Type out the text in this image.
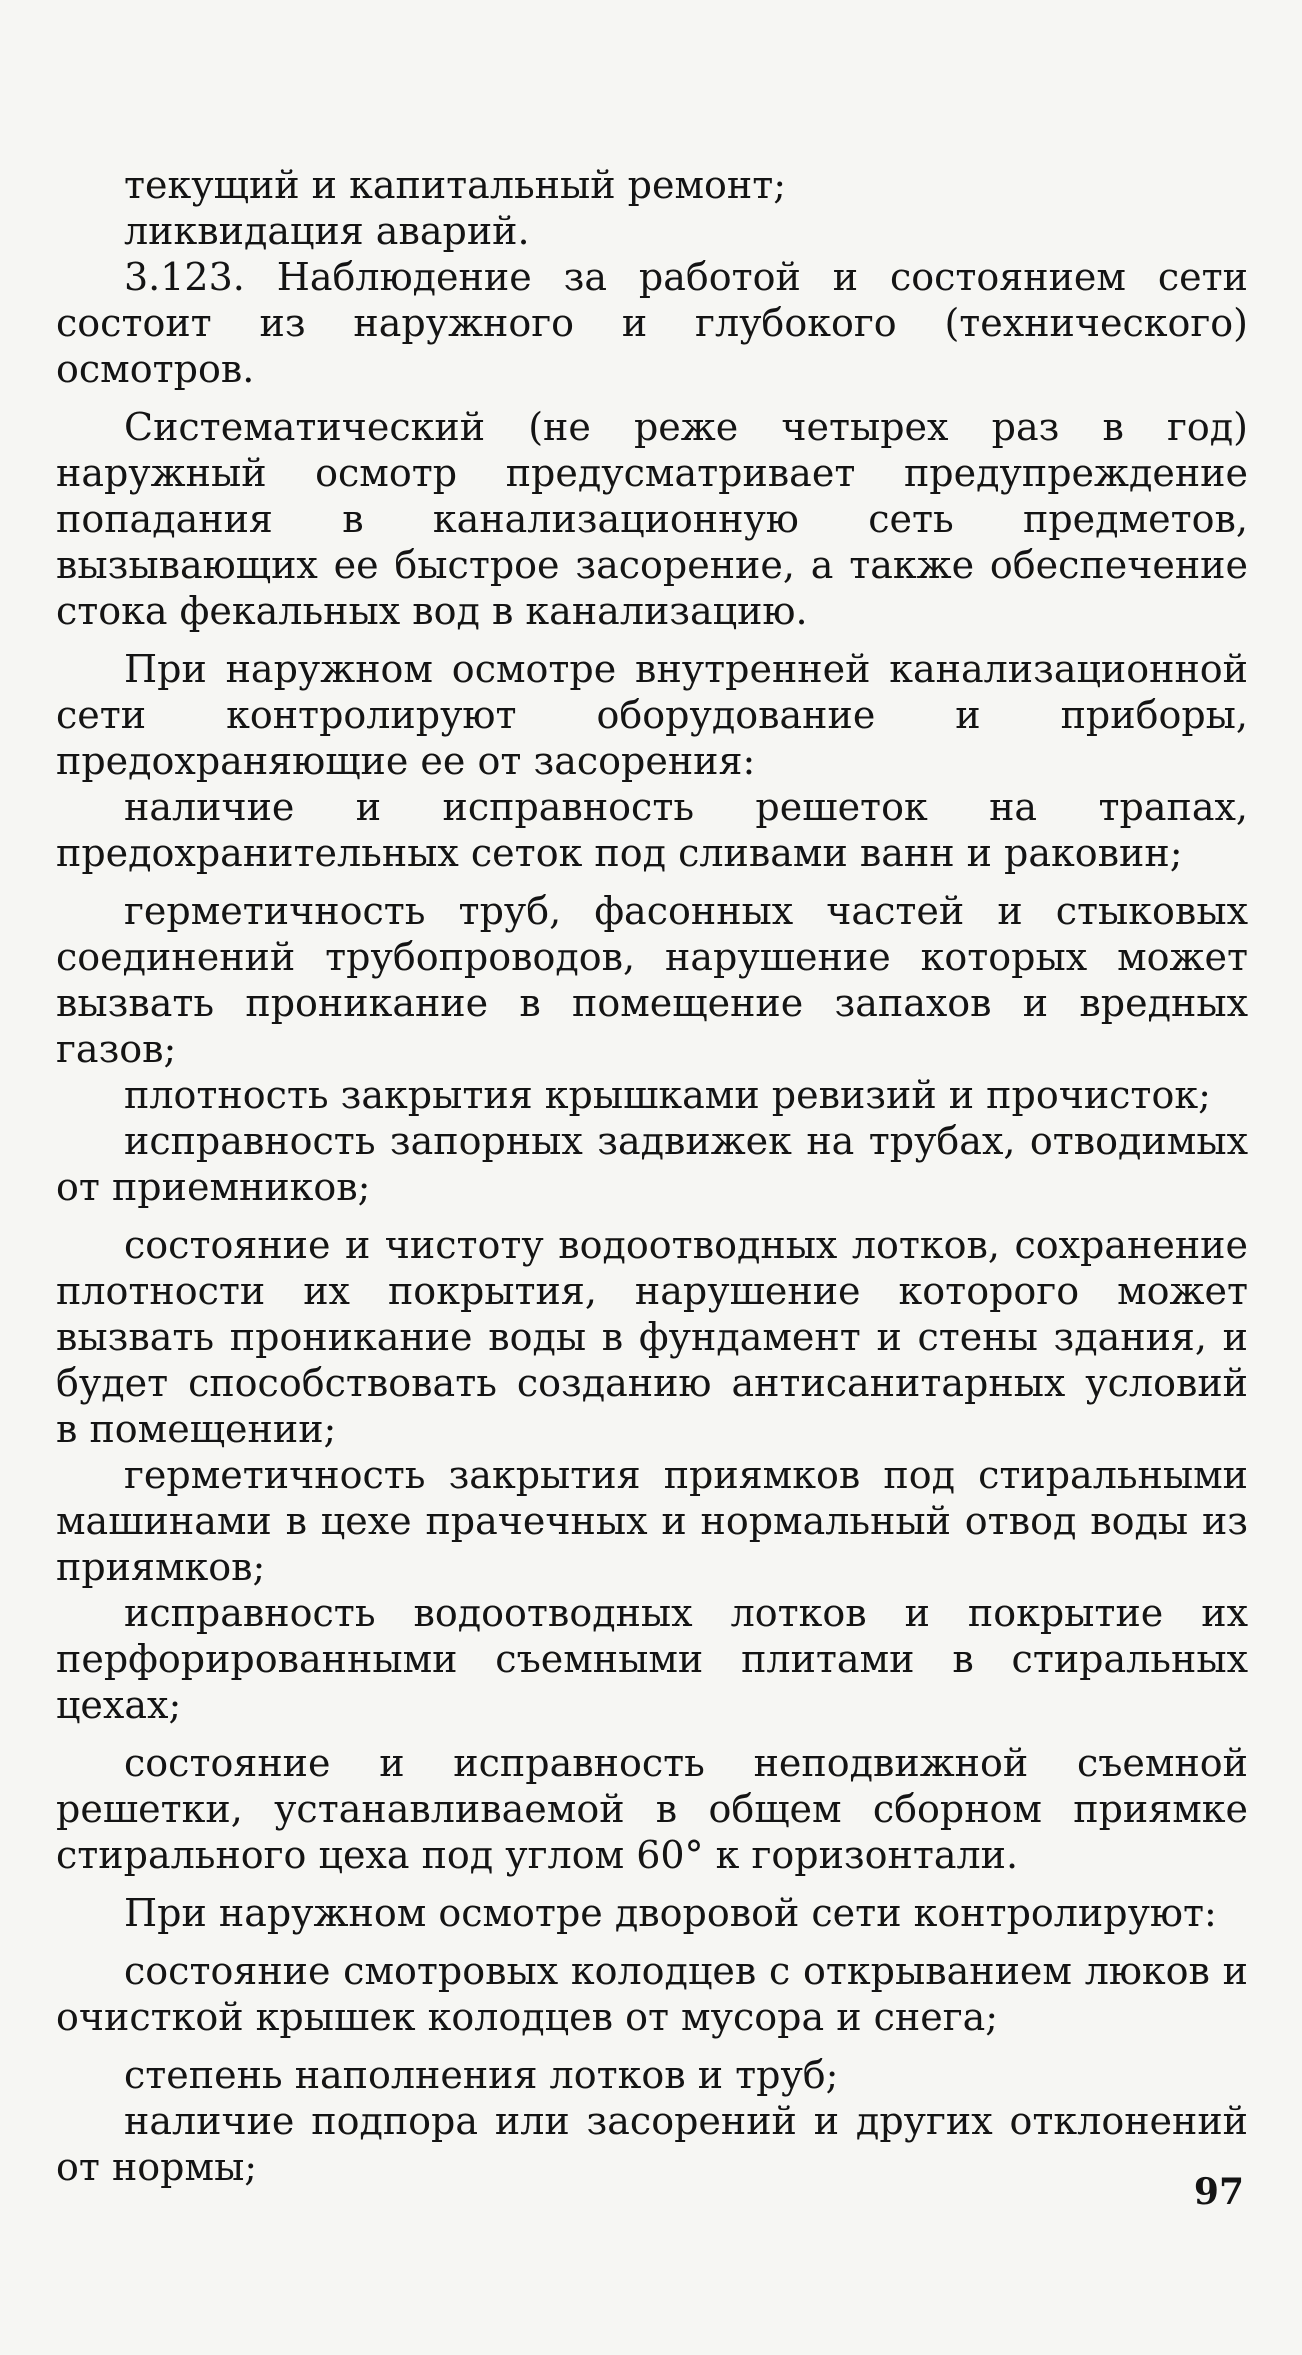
текущий и капитальный ремонт;

ликвидация аварий.

3.123. Наблюдение за работой и состоянием сети состоит из наружного и глубокого (технического) осмотров.

Систематический (не реже четырех раз в год) наружный осмотр предусматривает предупреждение попадания в канализационную сеть предметов, вызывающих ее быстрое засорение, а также обеспечение стока фекальных вод в канализацию.

При наружном осмотре внутренней канализационной сети контролируют оборудование и приборы, предохраняющие ее от засорения:

наличие и исправность решеток на трапах, предохранительных сеток под сливами ванн и раковин;

герметичность труб, фасонных частей и стыковых соединений трубопроводов, нарушение которых может вызвать проникание в помещение запахов и вредных газов;

плотность закрытия крышками ревизий и прочисток;

исправность запорных задвижек на трубах, отводимых от приемников;

состояние и чистоту водоотводных лотков, сохранение плотности их покрытия, нарушение которого может вызвать проникание воды в фундамент и стены здания, и будет способствовать созданию антисанитарных условий в помещении;

герметичность закрытия приямков под стиральными машинами в цехе прачечных и нормальный отвод воды из приямков;

исправность водоотводных лотков и покрытие их перфорированными съемными плитами в стиральных цехах;

состояние и исправность неподвижной съемной решетки, устанавливаемой в общем сборном приямке стирального цеха под углом 60° к горизонтали.

При наружном осмотре дворовой сети контролируют:

состояние смотровых колодцев с открыванием люков и очисткой крышек колодцев от мусора и снега;

степень наполнения лотков и труб;

наличие подпора или засорений и других отклонений от нормы;

97
